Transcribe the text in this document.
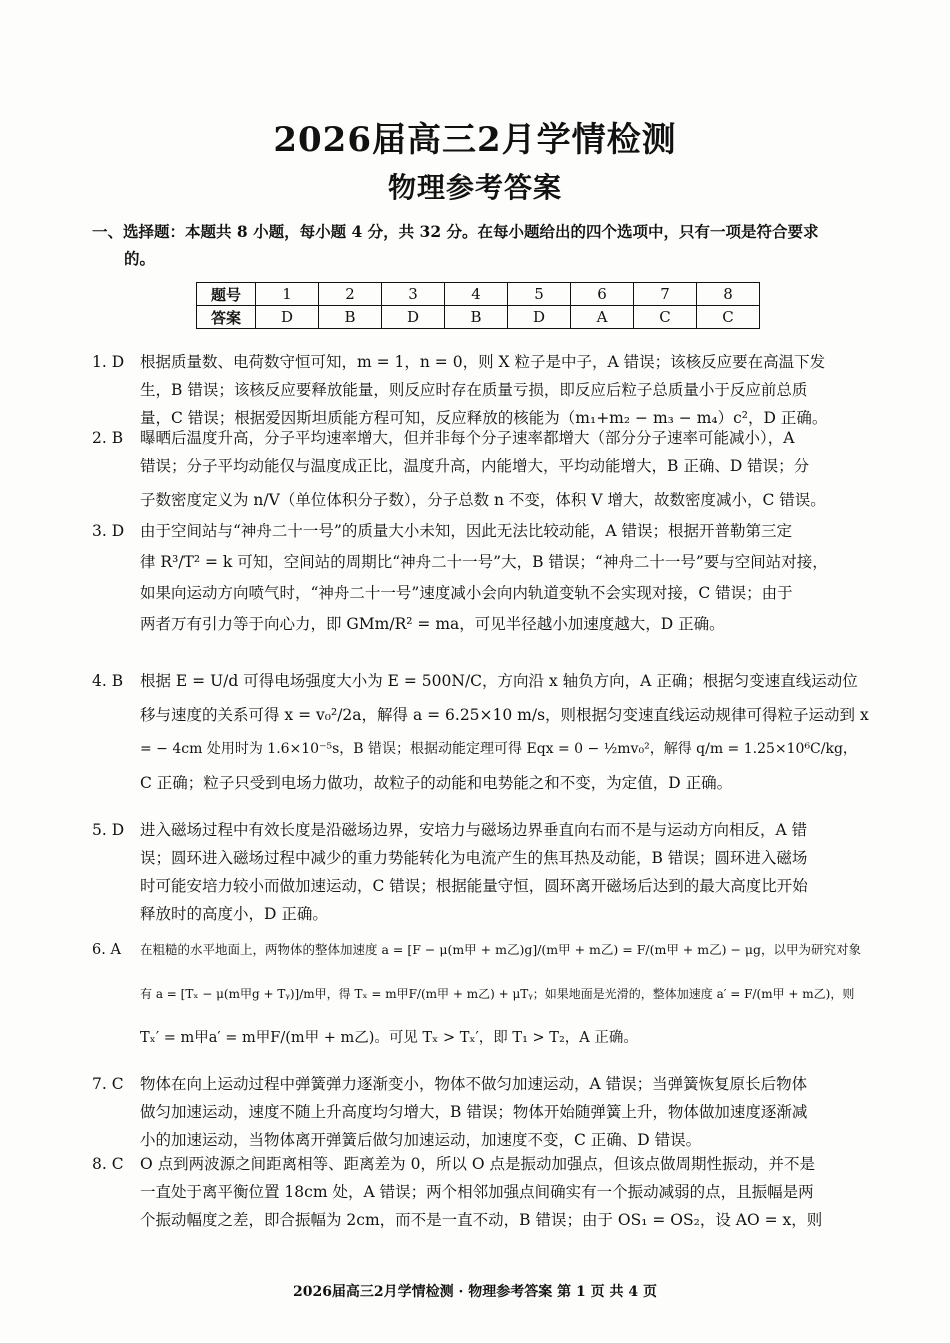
2026届高三2月学情检测
物理参考答案
一、选择题：本题共 8 小题，每小题 4 分，共 32 分。在每小题给出的四个选项中，只有一项是符合要求
的。
题号	1	2	3	4	5	6	7	8
答案	D	B	D	B	D	A	C	C
1. D	根据质量数、电荷数守恒可知，m = 1，n = 0，则 X 粒子是中子，A 错误；该核反应要在高温下发
生，B 错误；该核反应要释放能量，则反应时存在质量亏损，即反应后粒子总质量小于反应前总质
量，C 错误；根据爱因斯坦质能方程可知，反应释放的核能为（m₁+m₂ − m₃ − m₄）c²，D 正确。
2. B	曝晒后温度升高，分子平均速率增大，但并非每个分子速率都增大（部分分子速率可能减小），A
错误；分子平均动能仅与温度成正比，温度升高，内能增大，平均动能增大，B 正确、D 错误；分
子数密度定义为 n/V（单位体积分子数），分子总数 n 不变，体积 V 增大，故数密度减小，C 错误。
3. D	由于空间站与“神舟二十一号”的质量大小未知，因此无法比较动能，A 错误；根据开普勒第三定
律 R³/T² = k 可知，空间站的周期比“神舟二十一号”大，B 错误；“神舟二十一号”要与空间站对接，
如果向运动方向喷气时，“神舟二十一号”速度减小会向内轨道变轨不会实现对接，C 错误；由于
两者万有引力等于向心力，即 GMm/R² = ma，可见半径越小加速度越大，D 正确。
4. B	根据 E = U/d 可得电场强度大小为 E = 500N/C，方向沿 x 轴负方向，A 正确；根据匀变速直线运动位
移与速度的关系可得 x = v₀²/2a，解得 a = 6.25×10 m/s，则根据匀变速直线运动规律可得粒子运动到 x
= − 4cm 处用时为 1.6×10⁻⁵s，B 错误；根据动能定理可得 Eqx = 0 − ½mv₀²，解得 q/m = 1.25×10⁶C/kg，
C 正确；粒子只受到电场力做功，故粒子的动能和电势能之和不变，为定值，D 正确。
5. D	进入磁场过程中有效长度是沿磁场边界，安培力与磁场边界垂直向右而不是与运动方向相反，A 错
误；圆环进入磁场过程中减少的重力势能转化为电流产生的焦耳热及动能，B 错误；圆环进入磁场
时可能安培力较小而做加速运动，C 错误；根据能量守恒，圆环离开磁场后达到的最大高度比开始
释放时的高度小，D 正确。
6. A	在粗糙的水平地面上，两物体的整体加速度 a = [F − μ(m甲 + m乙)g]/(m甲 + m乙) = F/(m甲 + m乙) − μg，以甲为研究对象
有 a = [Tₓ − μ(m甲g + Tᵧ)]/m甲，得 Tₓ = m甲F/(m甲 + m乙) + μTᵧ；如果地面是光滑的，整体加速度 a′ = F/(m甲 + m乙)，则
Tₓ′ = m甲a′ = m甲F/(m甲 + m乙)。可见 Tₓ > Tₓ′，即 T₁ > T₂，A 正确。
7. C	物体在向上运动过程中弹簧弹力逐渐变小，物体不做匀加速运动，A 错误；当弹簧恢复原长后物体
做匀加速运动，速度不随上升高度均匀增大，B 错误；物体开始随弹簧上升，物体做加速度逐渐减
小的加速运动，当物体离开弹簧后做匀加速运动，加速度不变，C 正确、D 错误。
8. C	O 点到两波源之间距离相等、距离差为 0，所以 O 点是振动加强点，但该点做周期性振动，并不是
一直处于离平衡位置 18cm 处，A 错误；两个相邻加强点间确实有一个振动减弱的点，且振幅是两
个振动幅度之差，即合振幅为 2cm，而不是一直不动，B 错误；由于 OS₁ = OS₂，设 AO = x，则
2026届高三2月学情检测 · 物理参考答案 第 1 页 共 4 页
